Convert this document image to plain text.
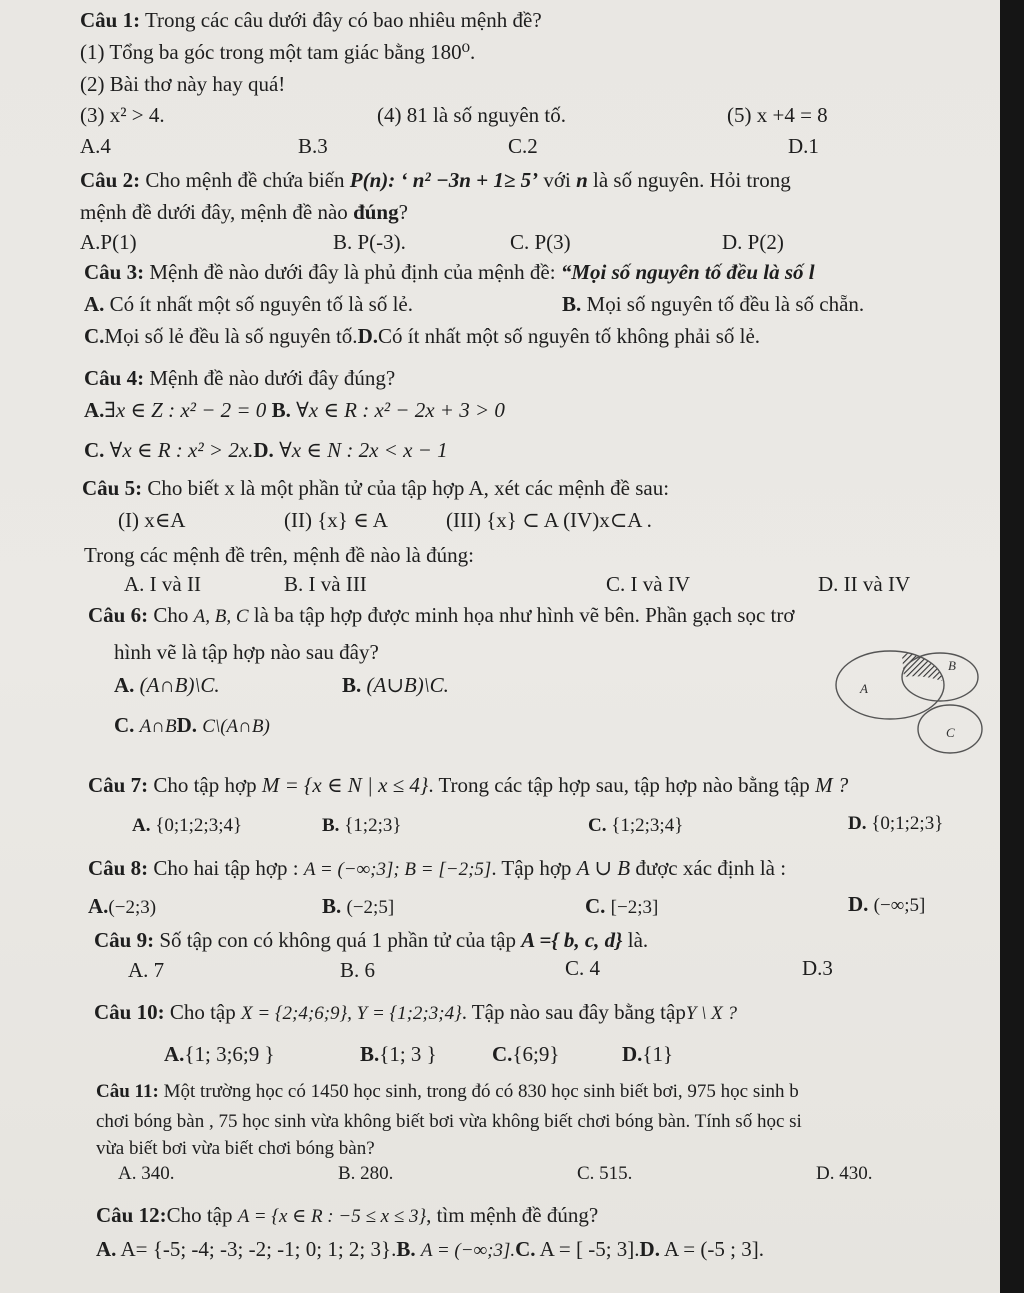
Câu 1: Trong các câu dưới đây có bao nhiêu mệnh đề?
(1) Tổng ba góc trong một tam giác bằng 180⁰.
(2) Bài thơ này hay quá!
(3) x² > 4.	(4) 81 là số nguyên tố.	(5) x +4 = 8
A.4	B.3	C.2	D.1
Câu 2: Cho mệnh đề chứa biến P(n): ‘ n² −3n + 1≥ 5’ với n là số nguyên. Hỏi trong
mệnh đề dưới đây, mệnh đề nào đúng?
A.P(1)	B. P(-3).	C. P(3)	D. P(2)
Câu 3: Mệnh đề nào dưới đây là phủ định của mệnh đề: “Mọi số nguyên tố đều là số l
A. Có ít nhất một số nguyên tố là số lẻ.	B. Mọi số nguyên tố đều là số chẵn.
C.Mọi số lẻ đều là số nguyên tố.D.Có ít nhất một số nguyên tố không phải số lẻ.
Câu 4: Mệnh đề nào dưới đây đúng?
A.∃x ∈ Z : x² − 2 = 0 B. ∀x ∈ R : x² − 2x + 3 > 0
C. ∀x ∈ R : x² > 2x.D. ∀x ∈ N : 2x < x − 1
Câu 5: Cho biết x là một phần tử của tập hợp A, xét các mệnh đề sau:
(I) x∈A	(II) {x} ∈ A	(III) {x} ⊂ A (IV)x⊂A .
Trong các mệnh đề trên, mệnh đề nào là đúng:
A. I và II	B. I và III	C. I và IV	D. II và IV
Câu 6: Cho A, B, C là ba tập hợp được minh họa như hình vẽ bên. Phần gạch sọc trơ
hình vẽ là tập hợp nào sau đây?
A. (A∩B)\C.	B. (A∪B)\C.
C. A∩BD. C\(A∩B)
B
A
C
Câu 7: Cho tập hợp M = {x ∈ N | x ≤ 4}. Trong các tập hợp sau, tập hợp nào bằng tập M ?
A. {0;1;2;3;4}	B. {1;2;3}	C. {1;2;3;4}	D. {0;1;2;3}
Câu 8: Cho hai tập hợp : A = (−∞;3]; B = [−2;5]. Tập hợp A ∪ B được xác định là :
A.(−2;3)	B. (−2;5]	C. [−2;3]	D. (−∞;5]
Câu 9: Số tập con có không quá 1 phần tử của tập A ={ b, c, d} là.
A. 7	B. 6	C. 4	D.3
Câu 10: Cho tập X = {2;4;6;9}, Y = {1;2;3;4}. Tập nào sau đây bằng tậpY \ X ?
A.{1; 3;6;9 }	B.{1; 3 }	C.{6;9}	D.{1}
Câu 11: Một trường học có 1450 học sinh, trong đó có 830 học sinh biết bơi, 975 học sinh b
chơi bóng bàn , 75 học sinh vừa không biết bơi vừa không biết chơi bóng bàn. Tính số học si
vừa biết bơi vừa biết chơi bóng bàn?
A. 340.	B. 280.	C. 515.	D. 430.
Câu 12:Cho tập A = {x ∈ R : −5 ≤ x ≤ 3}, tìm mệnh đề đúng?
A. A= {-5; -4; -3; -2; -1; 0; 1; 2; 3}.B. A = (−∞;3].C. A = [ -5; 3].D. A = (-5 ; 3].
